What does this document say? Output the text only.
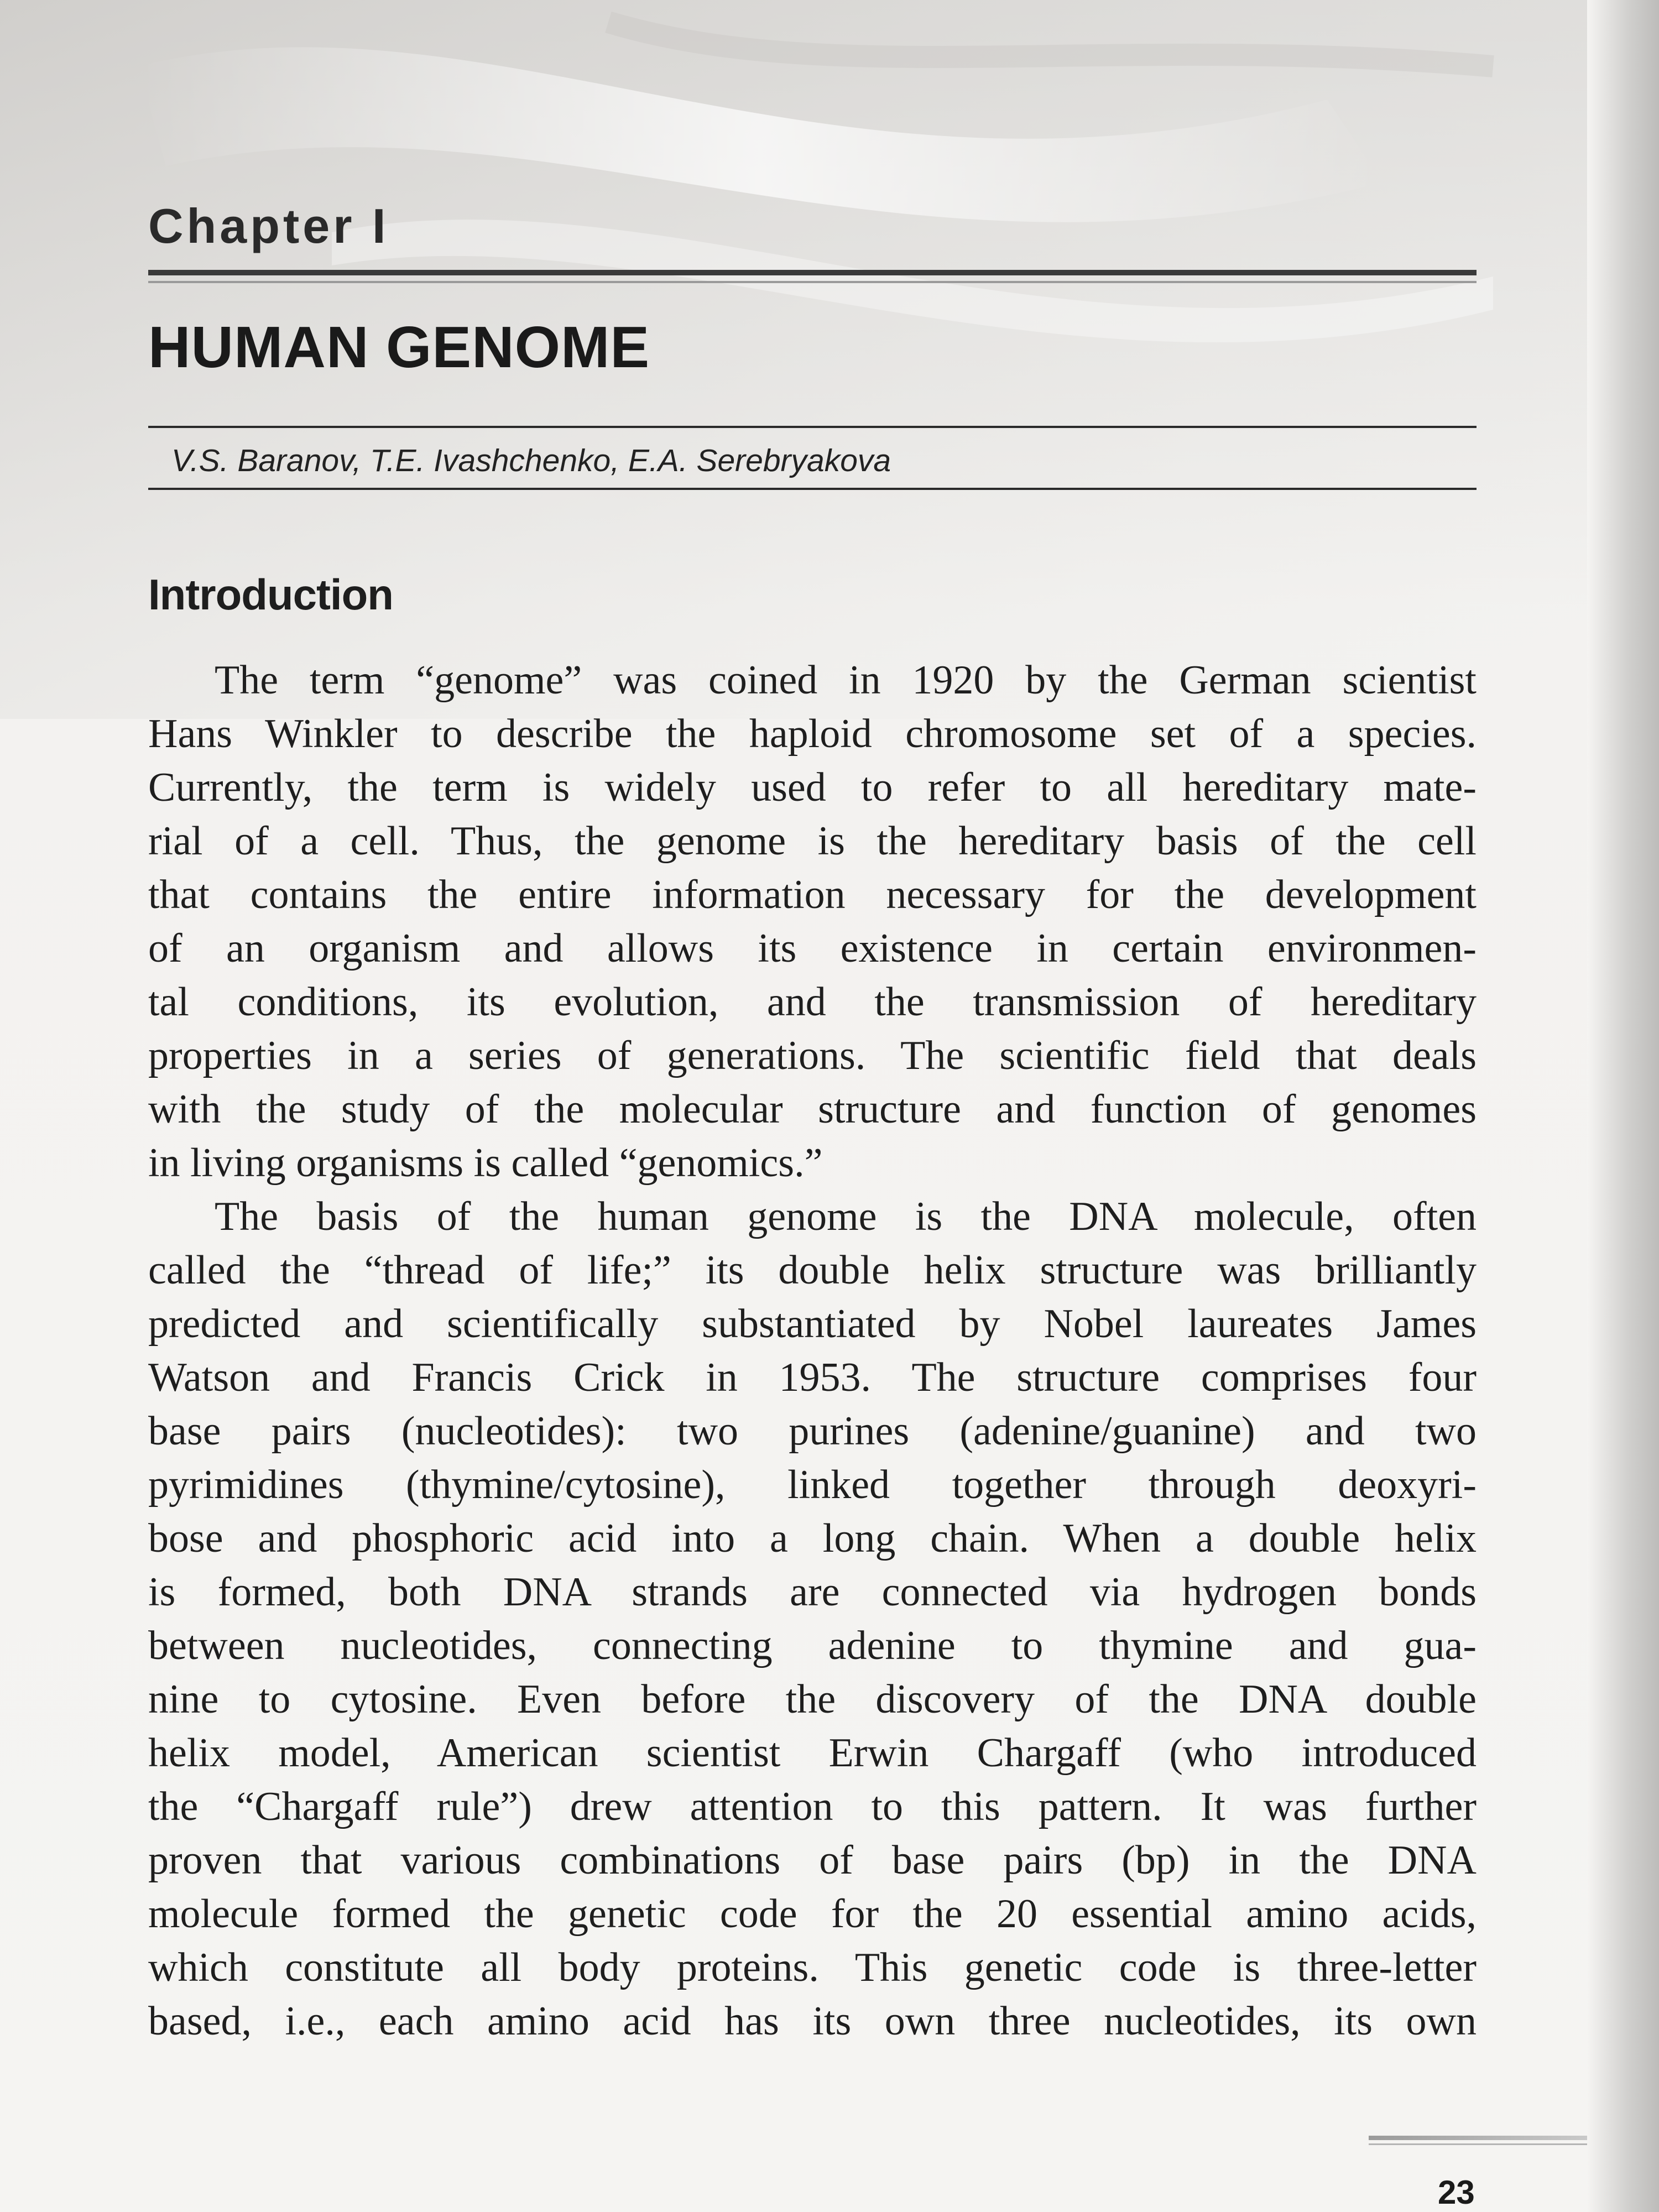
Chapter I
HUMAN GENOME
V.S. Baranov, T.E. Ivashchenko, E.A. Serebryakova
Introduction
The term “genome” was coined in 1920 by the German scientist
Hans Winkler to describe the haploid chromosome set of a species.
Currently, the term is widely used to refer to all hereditary mate-
rial of a cell. Thus, the genome is the hereditary basis of the cell
that contains the entire information necessary for the development
of an organism and allows its existence in certain environmen-
tal conditions, its evolution, and the transmission of hereditary
properties in a series of generations. The scientific field that deals
with the study of the molecular structure and function of genomes
in living organisms is called “genomics.”
The basis of the human genome is the DNA molecule, often
called the “thread of life;” its double helix structure was brilliantly
predicted and scientifically substantiated by Nobel laureates James
Watson and Francis Crick in 1953. The structure comprises four
base pairs (nucleotides): two purines (adenine/guanine) and two
pyrimidines (thymine/cytosine), linked together through deoxyri-
bose and phosphoric acid into a long chain. When a double helix
is formed, both DNA strands are connected via hydrogen bonds
between nucleotides, connecting adenine to thymine and gua-
nine to cytosine. Even before the discovery of the DNA double
helix model, American scientist Erwin Chargaff (who introduced
the “Chargaff rule”) drew attention to this pattern. It was further
proven that various combinations of base pairs (bp) in the DNA
molecule formed the genetic code for the 20 essential amino acids,
which constitute all body proteins. This genetic code is three-letter
based, i.e., each amino acid has its own three nucleotides, its own
23
